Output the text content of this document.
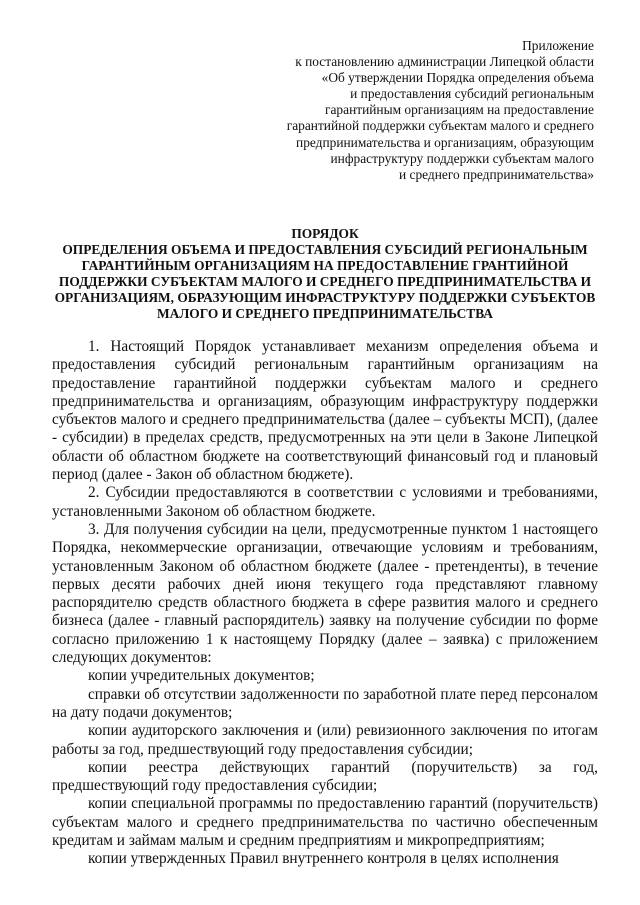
Приложение
к постановлению администрации Липецкой области
«Об утверждении Порядка определения объема
и предоставления субсидий региональным
гарантийным организациям на предоставление
гарантийной поддержки субъектам малого и среднего
предпринимательства и организациям, образующим
инфраструктуру поддержки субъектам малого
и среднего предпринимательства»
ПОРЯДОК
ОПРЕДЕЛЕНИЯ ОБЪЕМА И ПРЕДОСТАВЛЕНИЯ СУБСИДИЙ РЕГИОНАЛЬНЫМ
ГАРАНТИЙНЫМ ОРГАНИЗАЦИЯМ НА ПРЕДОСТАВЛЕНИЕ ГРАНТИЙНОЙ
ПОДДЕРЖКИ СУБЪЕКТАМ МАЛОГО И СРЕДНЕГО ПРЕДПРИНИМАТЕЛЬСТВА И
ОРГАНИЗАЦИЯМ, ОБРАЗУЮЩИМ ИНФРАСТРУКТУРУ ПОДДЕРЖКИ СУБЪЕКТОВ
МАЛОГО И СРЕДНЕГО ПРЕДПРИНИМАТЕЛЬСТВА

1. Настоящий Порядок устанавливает механизм определения объема и предоставления субсидий региональным гарантийным организациям на предоставление гарантийной поддержки субъектам малого и среднего предпринимательства и организациям, образующим инфраструктуру поддержки субъектов малого и среднего предпринимательства (далее – субъекты МСП), (далее - субсидии) в пределах средств, предусмотренных на эти цели в Законе Липецкой области об областном бюджете на соответствующий финансовый год и плановый период (далее - Закон об областном бюджете).

2. Субсидии предоставляются в соответствии с условиями и требованиями, установленными Законом об областном бюджете.

3. Для получения субсидии на цели, предусмотренные пунктом 1 настоящего Порядка, некоммерческие организации, отвечающие условиям и требованиям, установленным Законом об областном бюджете (далее - претенденты), в течение первых десяти рабочих дней июня текущего года представляют главному распорядителю средств областного бюджета в сфере развития малого и среднего бизнеса (далее - главный распорядитель) заявку на получение субсидии по форме согласно приложению 1 к настоящему Порядку (далее – заявка) с приложением следующих документов:

копии учредительных документов;

справки об отсутствии задолженности по заработной плате перед персоналом на дату подачи документов;

копии аудиторского заключения и (или) ревизионного заключения по итогам работы за год, предшествующий году предоставления субсидии;

копии реестра действующих гарантий (поручительств) за год, предшествующий году предоставления субсидии;

копии специальной программы по предоставлению гарантий (поручительств) субъектам малого и среднего предпринимательства по частично обеспеченным кредитам и займам малым и средним предприятиям и микропредприятиям;

копии утвержденных Правил внутреннего контроля в целях исполнения
